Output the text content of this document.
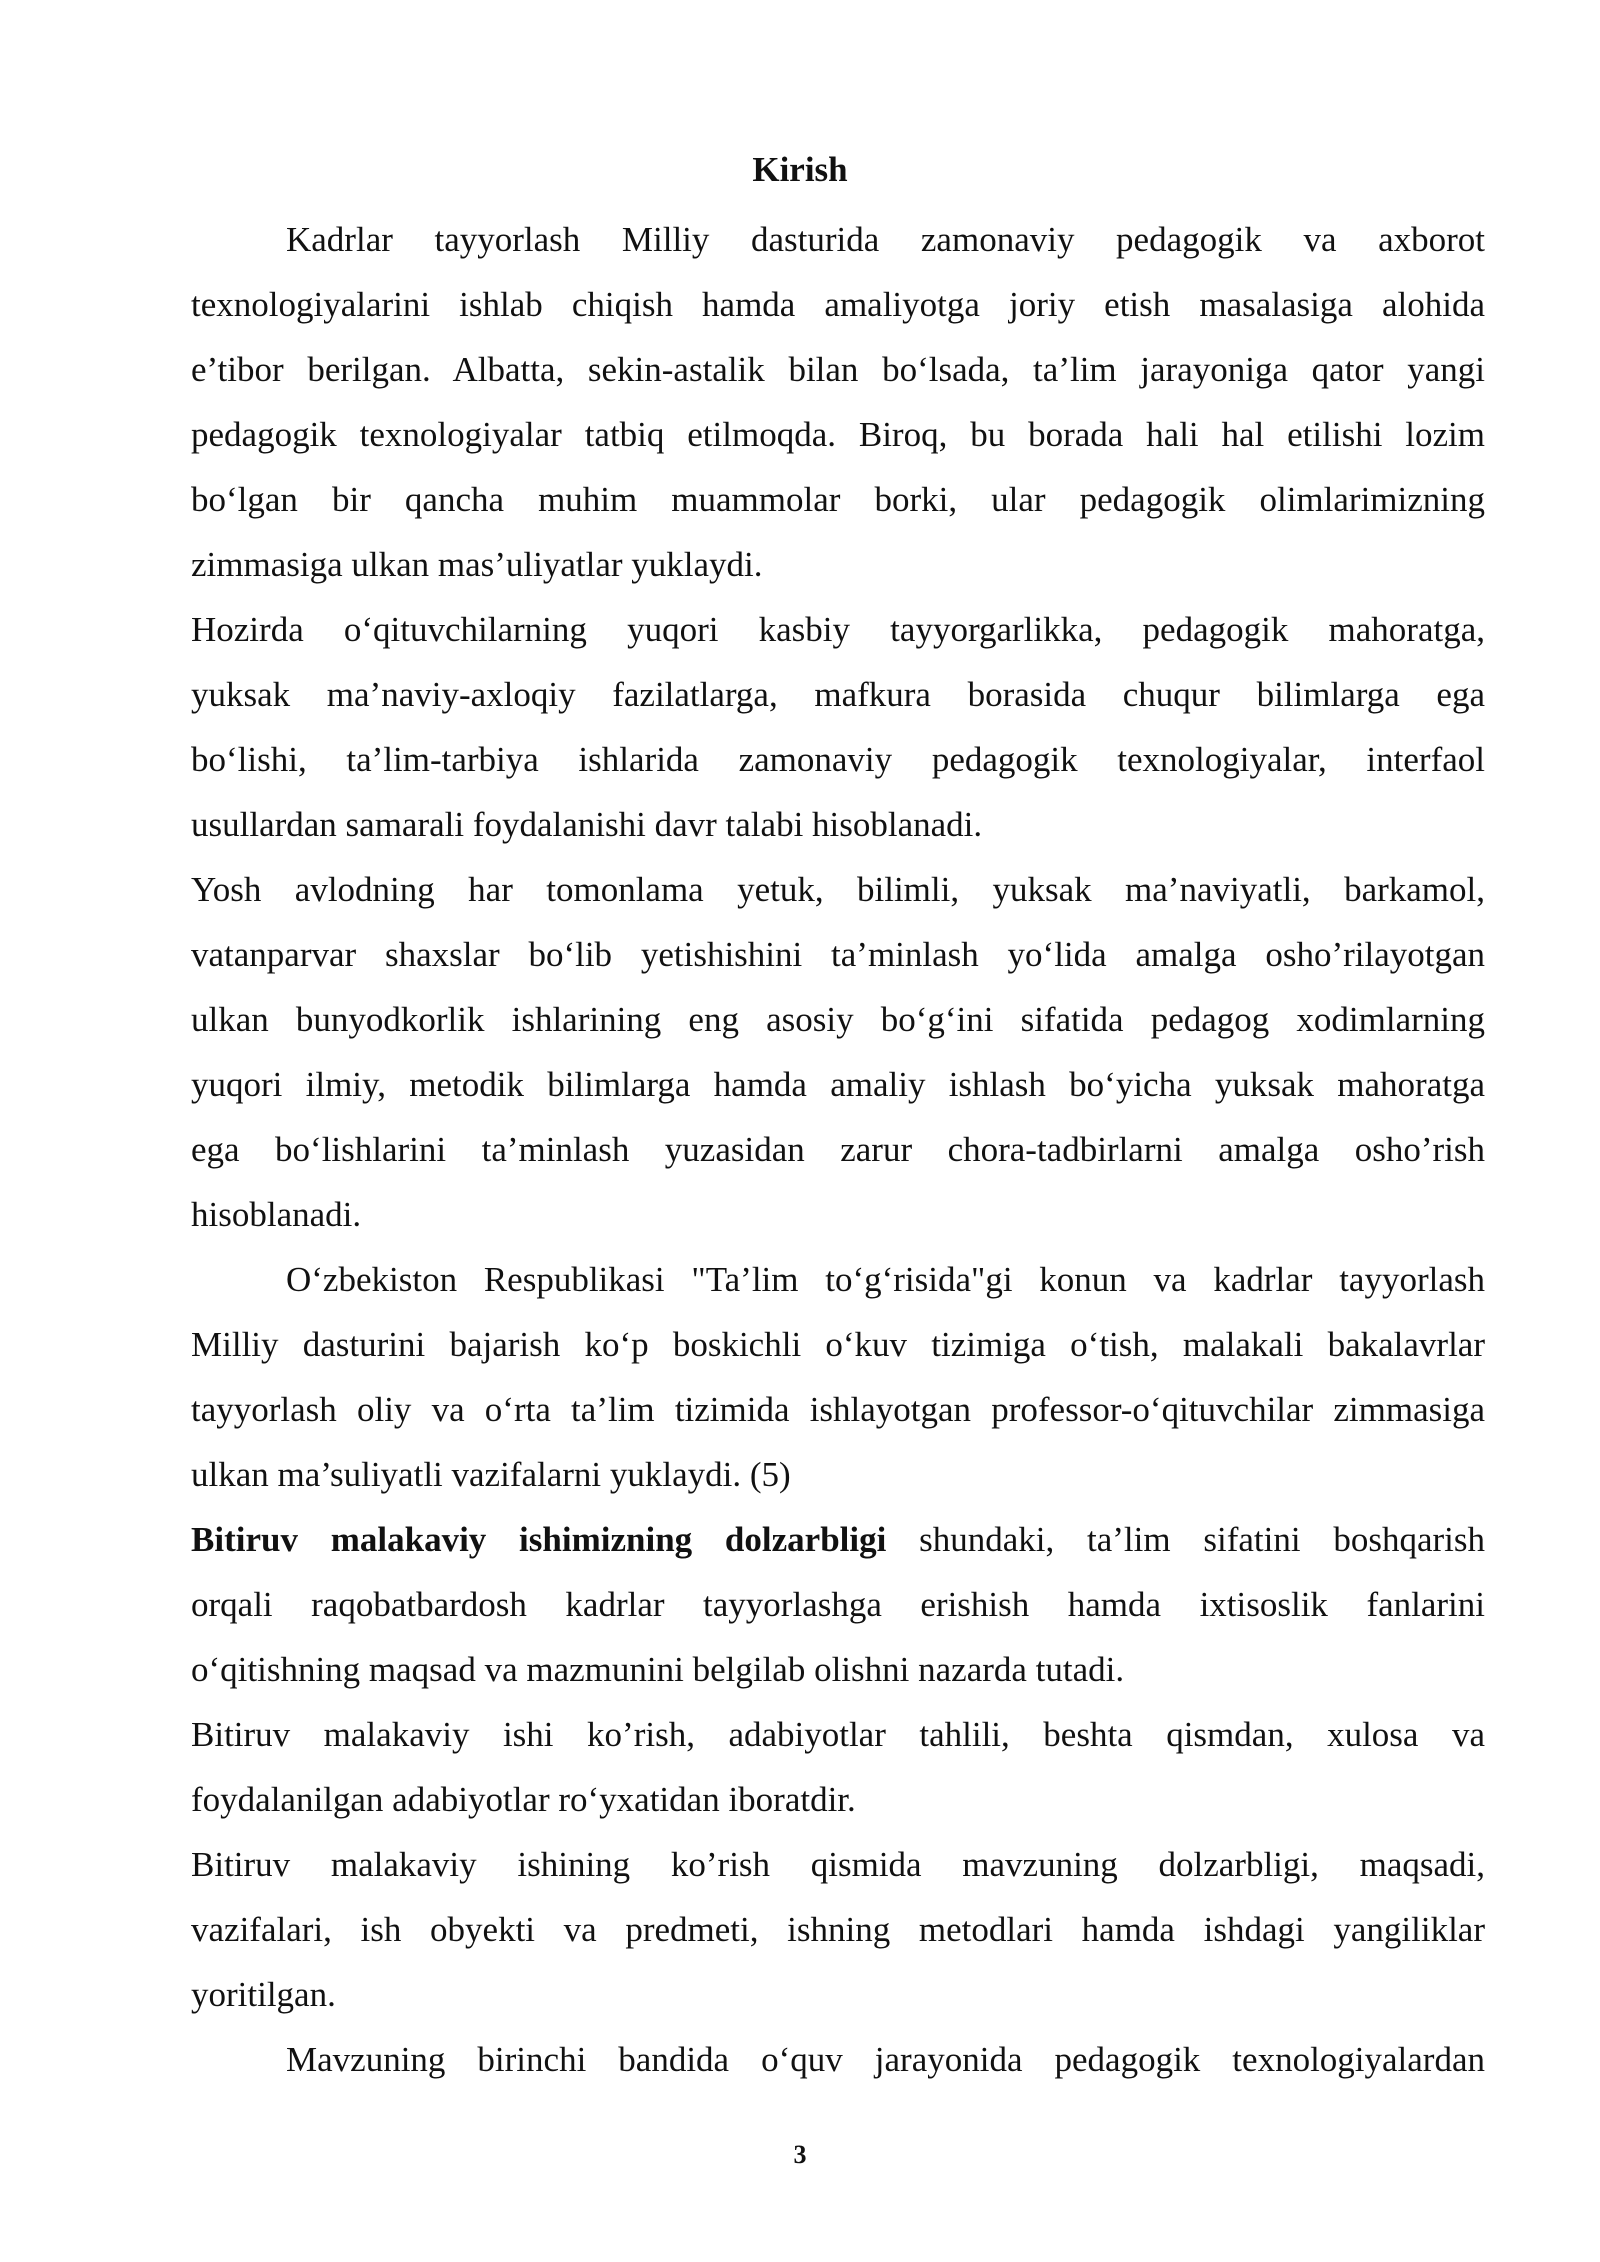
Kirish
Kadrlar tayyorlash Milliy dasturida zamonaviy pedagogik va axborot
texnologiyalarini ishlab chiqish hamda amaliyotga joriy etish masalasiga alohida
e’tibor berilgan. Albatta, sekin-astalik bilan bo‘lsada, ta’lim jarayoniga qator yangi
pedagogik texnologiyalar tatbiq etilmoqda. Biroq, bu borada hali hal etilishi lozim
bo‘lgan bir qancha muhim muammolar borki, ular pedagogik olimlarimizning
zimmasiga ulkan mas’uliyatlar yuklaydi.
Hozirda o‘qituvchilarning yuqori kasbiy tayyorgarlikka, pedagogik mahoratga,
yuksak ma’naviy-axloqiy fazilatlarga, mafkura borasida chuqur bilimlarga ega
bo‘lishi, ta’lim-tarbiya ishlarida zamonaviy pedagogik texnologiyalar, interfaol
usullardan samarali foydalanishi davr talabi hisoblanadi.
Yosh avlodning har tomonlama yetuk, bilimli, yuksak ma’naviyatli, barkamol,
vatanparvar shaxslar bo‘lib yetishishini ta’minlash yo‘lida amalga osho’rilayotgan
ulkan bunyodkorlik ishlarining eng asosiy bo‘g‘ini sifatida pedagog xodimlarning
yuqori ilmiy, metodik bilimlarga hamda amaliy ishlash bo‘yicha yuksak mahoratga
ega bo‘lishlarini ta’minlash yuzasidan zarur chora-tadbirlarni amalga osho’rish
hisoblanadi.
O‘zbekiston Respublikasi "Ta’lim to‘g‘risida"gi konun va kadrlar tayyorlash
Milliy dasturini bajarish ko‘p boskichli o‘kuv tizimiga o‘tish, malakali bakalavrlar
tayyorlash oliy va o‘rta ta’lim tizimida ishlayotgan professor-o‘qituvchilar zimmasiga
ulkan ma’suliyatli vazifalarni yuklaydi. (5)
Bitiruv malakaviy ishimizning dolzarbligi shundaki, ta’lim sifatini boshqarish
orqali raqobatbardosh kadrlar tayyorlashga erishish hamda ixtisoslik fanlarini
o‘qitishning maqsad va mazmunini belgilab olishni nazarda tutadi.
Bitiruv malakaviy ishi ko’rish, adabiyotlar tahlili, beshta qismdan, xulosa va
foydalanilgan adabiyotlar ro‘yxatidan iboratdir.
Bitiruv malakaviy ishining ko’rish qismida mavzuning dolzarbligi, maqsadi,
vazifalari, ish obyekti va predmeti, ishning metodlari hamda ishdagi yangiliklar
yoritilgan.
Mavzuning birinchi bandida o‘quv jarayonida pedagogik texnologiyalardan
3
